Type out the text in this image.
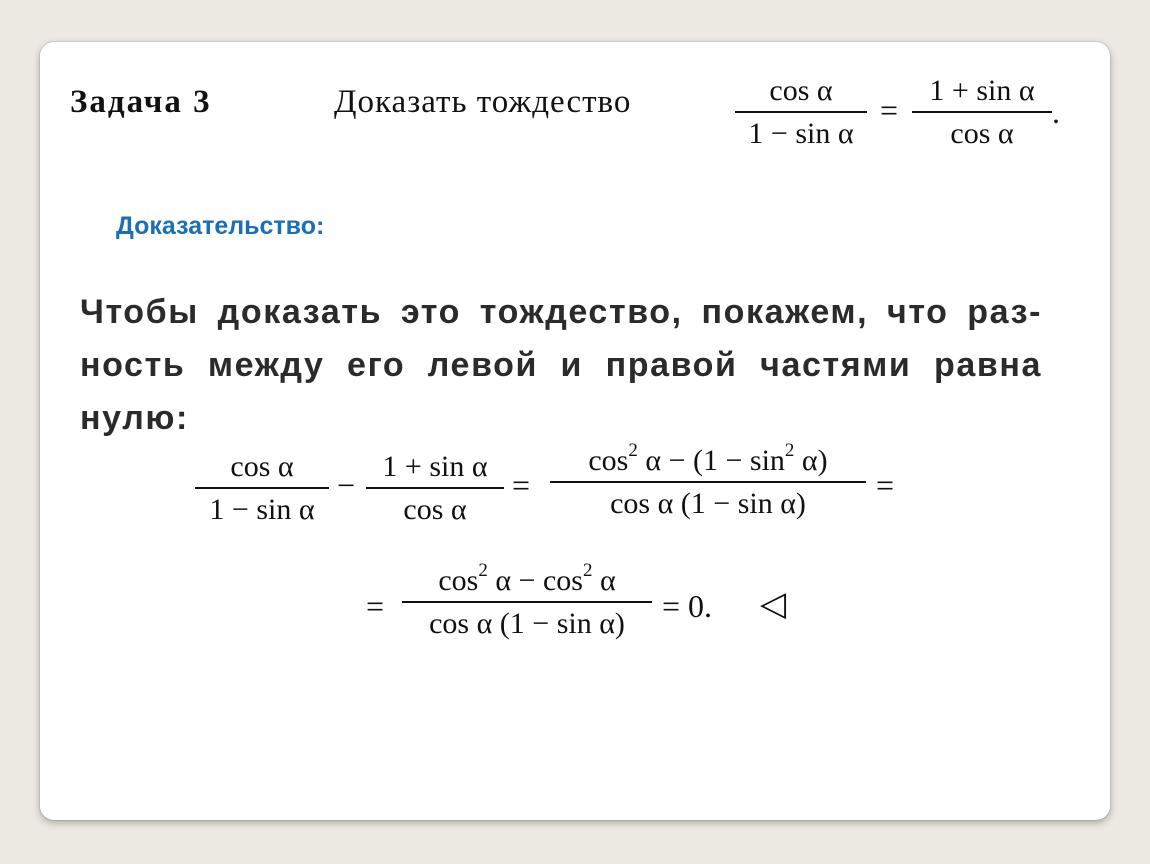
Задача 3	Доказать тождество	cos α
1 − sin α
=
1 + sin α
cos α
.
Доказательство:
Чтобы доказать это тождество, покажем, что раз-
ность между его левой и правой частями равна
нулю:
cos α
1 − sin α
−
1 + sin α
cos α
=
$\cos^2 \alpha - (1 - \sin^2 \alpha)$
cos α (1 − sin α)
=
=
$\cos^2 \alpha - \cos^2 \alpha$
cos α (1 − sin α)	= 0. ◁
